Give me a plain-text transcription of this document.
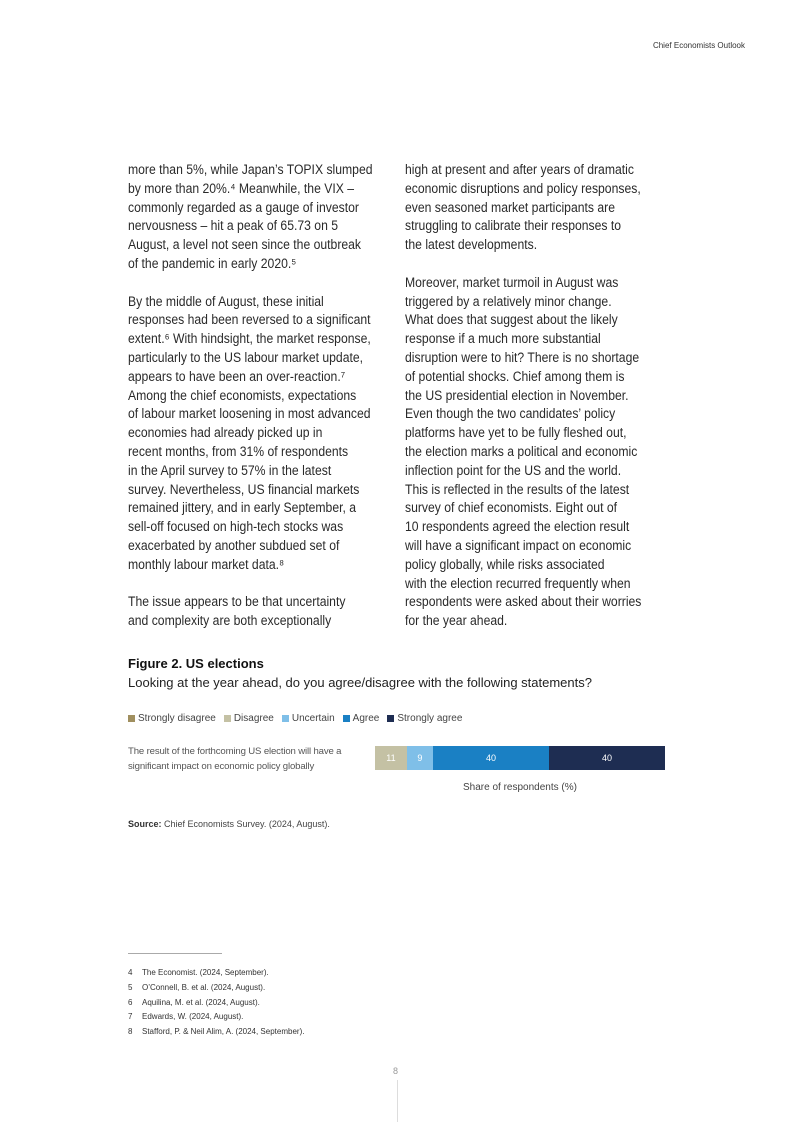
Chief Economists Outlook
more than 5%, while Japan’s TOPIX slumped
by more than 20%.⁴ Meanwhile, the VIX –
commonly regarded as a gauge of investor
nervousness – hit a peak of 65.73 on 5
August, a level not seen since the outbreak
of the pandemic in early 2020.⁵

By the middle of August, these initial
responses had been reversed to a significant
extent.⁶ With hindsight, the market response,
particularly to the US labour market update,
appears to have been an over-reaction.⁷
Among the chief economists, expectations
of labour market loosening in most advanced
economies had already picked up in
recent months, from 31% of respondents
in the April survey to 57% in the latest
survey. Nevertheless, US financial markets
remained jittery, and in early September, a
sell-off focused on high-tech stocks was
exacerbated by another subdued set of
monthly labour market data.⁸

The issue appears to be that uncertainty
and complexity are both exceptionally
high at present and after years of dramatic
economic disruptions and policy responses,
even seasoned market participants are
struggling to calibrate their responses to
the latest developments.

Moreover, market turmoil in August was
triggered by a relatively minor change.
What does that suggest about the likely
response if a much more substantial
disruption were to hit? There is no shortage
of potential shocks. Chief among them is
the US presidential election in November.
Even though the two candidates’ policy
platforms have yet to be fully fleshed out,
the election marks a political and economic
inflection point for the US and the world.
This is reflected in the results of the latest
survey of chief economists. Eight out of
10 respondents agreed the election result
will have a significant impact on economic
policy globally, while risks associated
with the election recurred frequently when
respondents were asked about their worries
for the year ahead.
Figure 2. US elections
Looking at the year ahead, do you agree/disagree with the following statements?
Strongly disagree Disagree Uncertain Agree Strongly agree
The result of the forthcoming US election will have a significant impact on economic policy globally
11 9	40	40
Share of respondents (%)
Source: Chief Economists Survey. (2024, August).
4 The Economist. (2024, September).
5 O’Connell, B. et al. (2024, August).
6 Aquilina, M. et al. (2024, August).
7 Edwards, W. (2024, August).
8 Stafford, P. & Neil Alim, A. (2024, September).
8
